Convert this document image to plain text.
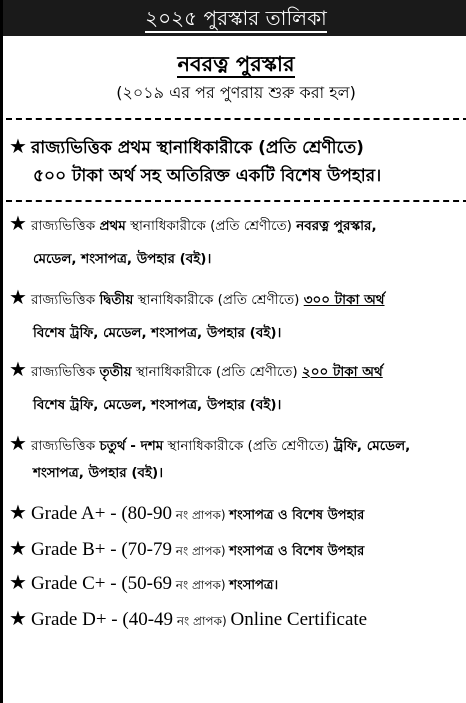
২০২৫ পুরস্কার তালিকা
নবরত্ন পুরস্কার
(২০১৯ এর পর পুণরায় শুরু করা হল)
★ রাজ্যভিত্তিক প্রথম স্থানাধিকারীকে (প্রতি শ্রেণীতে)
৫০০ টাকা অর্থ সহ অতিরিক্ত একটি বিশেষ উপহার।
★ রাজ্যভিত্তিক প্রথম স্থানাধিকারীকে (প্রতি শ্রেণীতে) নবরত্ন পুরস্কার,
মেডেল, শংসাপত্র, উপহার (বই)।
★ রাজ্যভিত্তিক দ্বিতীয় স্থানাধিকারীকে (প্রতি শ্রেণীতে) ৩০০ টাকা অর্থ
বিশেষ ট্রফি, মেডেল, শংসাপত্র, উপহার (বই)।
★ রাজ্যভিত্তিক তৃতীয় স্থানাধিকারীকে (প্রতি শ্রেণীতে) ২০০ টাকা অর্থ
বিশেষ ট্রফি, মেডেল, শংসাপত্র, উপহার (বই)।
★ রাজ্যভিত্তিক চতুর্থ - দশম স্থানাধিকারীকে (প্রতি শ্রেণীতে) ট্রফি, মেডেল,
শংসাপত্র, উপহার (বই)।
★ Grade A+ - (80-90 নং প্রাপক) শংসাপত্র ও বিশেষ উপহার
★ Grade B+ - (70-79 নং প্রাপক) শংসাপত্র ও বিশেষ উপহার
★ Grade C+ - (50-69 নং প্রাপক) শংসাপত্র।
★ Grade D+ - (40-49 নং প্রাপক) Online Certificate
